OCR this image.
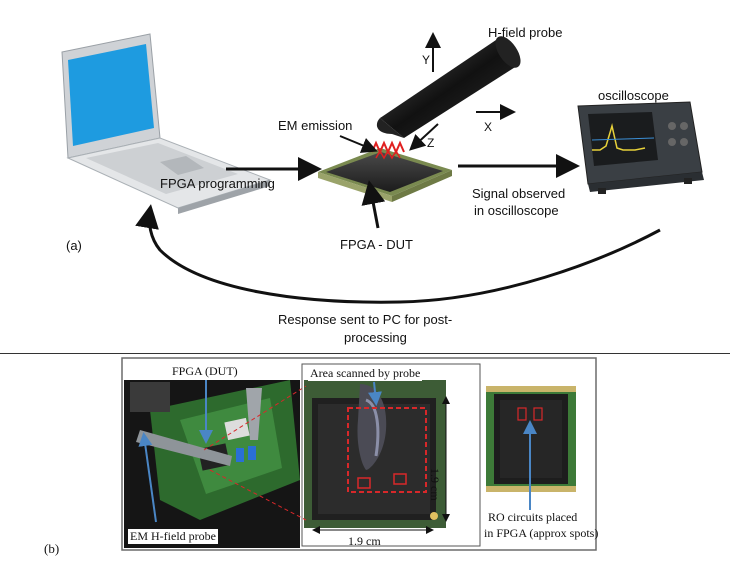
(a)
FPGA programming
EM emission
H-field probe
Y
X
Z
oscilloscope
Signal observed
in oscilloscope
FPGA - DUT
Response sent to PC for post-
processing
(b)
FPGA (DUT)
EM H-field probe
Area scanned by probe
1.9 cm
1.9 cm
RO circuits placed
in FPGA (approx spots)
